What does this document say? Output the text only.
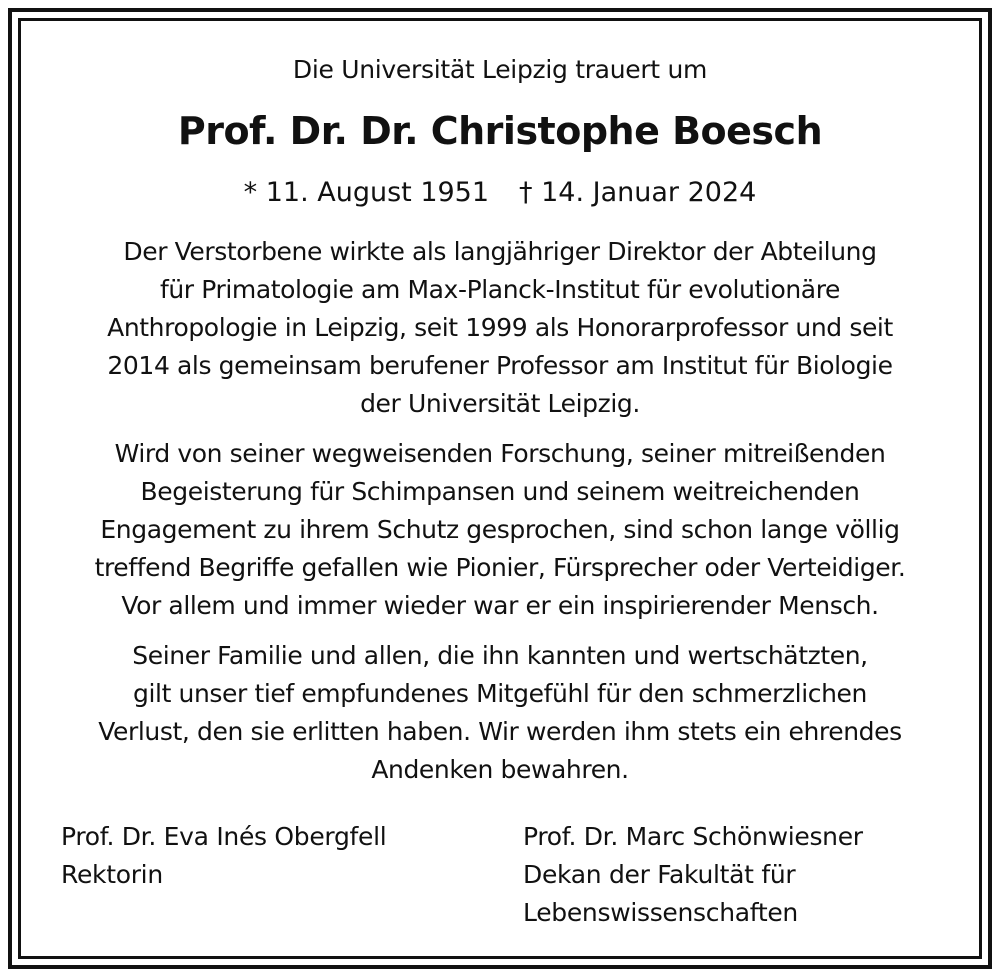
Die Universität Leipzig trauert um
Prof. Dr. Dr. Christophe Boesch
* 11. August 1951 † 14. Januar 2024
Der Verstorbene wirkte als langjähriger Direktor der Abteilung
für Primatologie am Max-Planck-Institut für evolutionäre
Anthropologie in Leipzig, seit 1999 als Honorarprofessor und seit
2014 als gemeinsam berufener Professor am Institut für Biologie
der Universität Leipzig.
Wird von seiner wegweisenden Forschung, seiner mitreißenden
Begeisterung für Schimpansen und seinem weitreichenden
Engagement zu ihrem Schutz gesprochen, sind schon lange völlig
treffend Begriffe gefallen wie Pionier, Fürsprecher oder Verteidiger.
Vor allem und immer wieder war er ein inspirierender Mensch.
Seiner Familie und allen, die ihn kannten und wertschätzten,
gilt unser tief empfundenes Mitgefühl für den schmerzlichen
Verlust, den sie erlitten haben. Wir werden ihm stets ein ehrendes
Andenken bewahren.
Prof. Dr. Eva Inés Obergfell
Rektorin
Prof. Dr. Marc Schönwiesner
Dekan der Fakultät für
Lebenswissenschaften
